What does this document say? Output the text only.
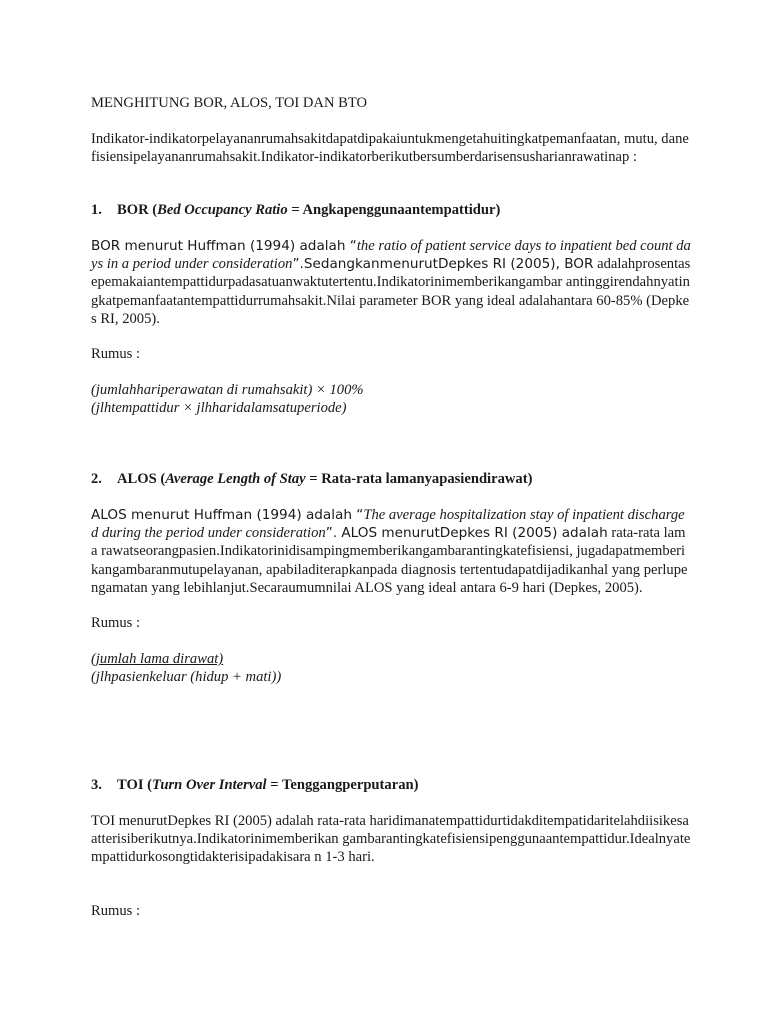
MENGHITUNG BOR, ALOS, TOI DAN BTO

Indikator-indikatorpelayananrumahsakitdapatdipakaiuntukmengetahuitingkatpemanfaatan, mutu, danefisiensipelayananrumahsakit.Indikator-indikatorberikutbersumberdarisensusharianrawatinap :

1. BOR (Bed Occupancy Ratio = Angkapenggunaantempattidur)

BOR menurut Huffman (1994) adalah “the ratio of patient service days to inpatient bed count days in a period under consideration”.SedangkanmenurutDepkes RI (2005), BOR adalahprosentasepemakaiantempattidurpadasatuanwaktutertentu.Indikatorinimemberikangambar antinggirendahnyatingkatpemanfaatantempattidurrumahsakit.Nilai parameter BOR yang ideal adalahantara 60-85% (Depkes RI, 2005).

Rumus :

(jumlahhariperawatan di rumahsakit) × 100%

(jlhtempattidur × jlhharidalamsatuperiode)

2. ALOS (Average Length of Stay = Rata-rata lamanyapasiendirawat)

ALOS menurut Huffman (1994) adalah “The average hospitalization stay of inpatient discharged during the period under consideration”. ALOS menurutDepkes RI (2005) adalah rata-rata lama rawatseorangpasien.Indikatorinidisampingmemberikangambarantingkatefisiensi, jugadapatmemberikangambaranmutupelayanan, apabiladiterapkanpada diagnosis tertentudapatdijadikanhal yang perlupengamatan yang lebihlanjut.Secaraumumnilai ALOS yang ideal antara 6-9 hari (Depkes, 2005).

Rumus :

(jumlah lama dirawat)

(jlhpasienkeluar (hidup + mati))

3. TOI (Turn Over Interval = Tenggangperputaran)

TOI menurutDepkes RI (2005) adalah rata-rata haridimanatempattidurtidakditempatidaritelahdiisikesaatterisiberikutnya.Indikatorinimemberikan gambarantingkatefisiensipenggunaantempattidur.Idealnyatempattidurkosongtidakterisipadakisara n 1-3 hari.

Rumus :
